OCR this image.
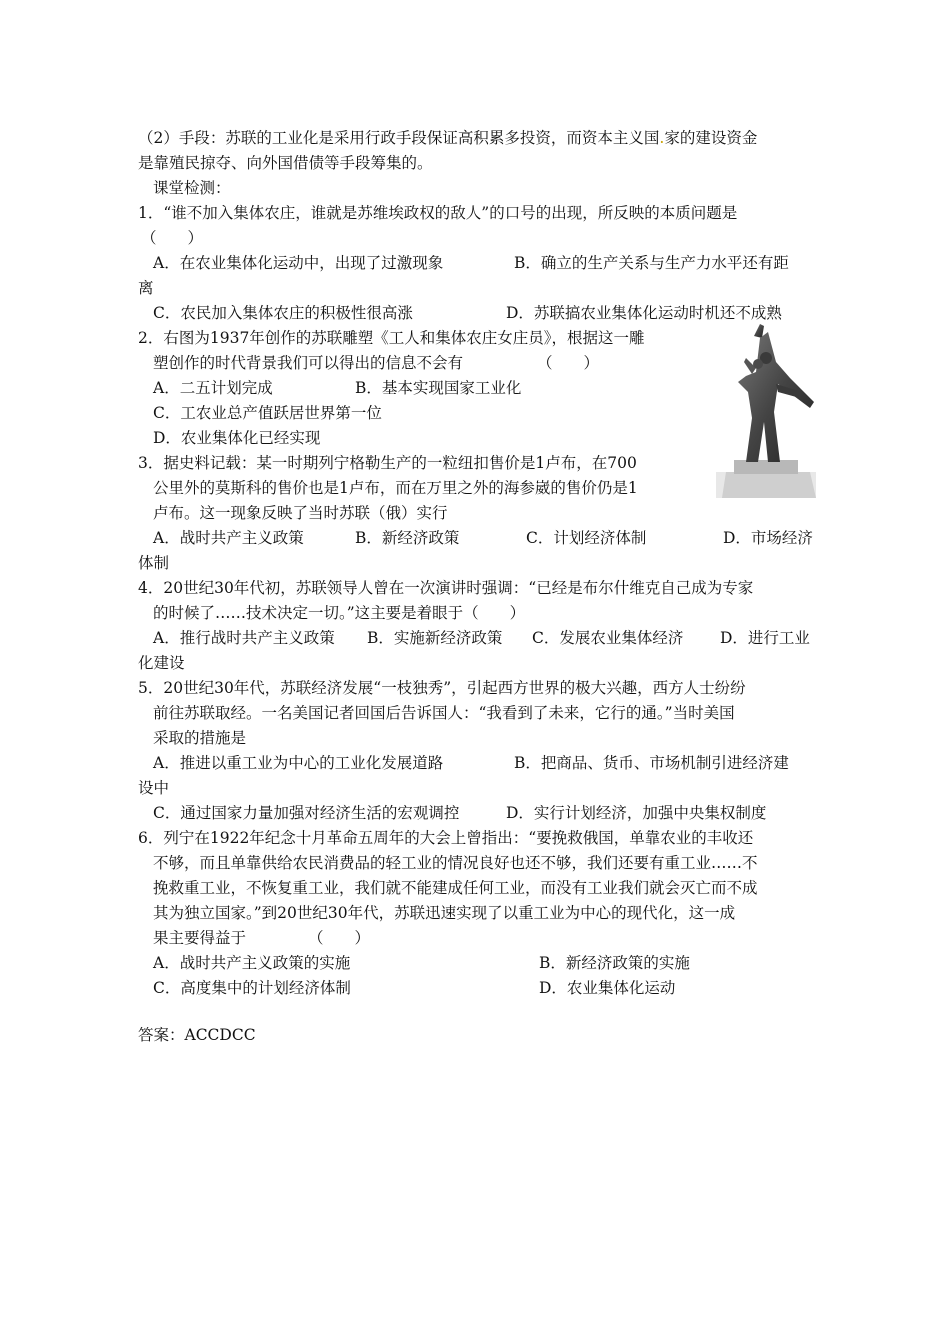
（2）手段：苏联的工业化是采用行政手段保证高积累多投资，而资本主义国.家的建设资金
是靠殖民掠夺、向外国借债等手段筹集的。
课堂检测：
1．“谁不加入集体农庄，谁就是苏维埃政权的敌人”的口号的出现，所反映的本质问题是
（　　）
A．在农业集体化运动中，出现了过激现象	B．确立的生产关系与生产力水平还有距
离
C．农民加入集体农庄的积极性很高涨	D．苏联搞农业集体化运动时机还不成熟
2．右图为1937年创作的苏联雕塑《工人和集体农庄女庄员》，根据这一雕
塑创作的时代背景我们可以得出的信息不会有	（　　）
A．二五计划完成	B．基本实现国家工业化
C．工农业总产值跃居世界第一位
D．农业集体化已经实现
3．据史料记载：某一时期列宁格勒生产的一粒纽扣售价是1卢布，在700
公里外的莫斯科的售价也是1卢布，而在万里之外的海参崴的售价仍是1
卢布。这一现象反映了当时苏联（俄）实行
A．战时共产主义政策	B．新经济政策	C．计划经济体制	D．市场经济
体制
4．20世纪30年代初，苏联领导人曾在一次演讲时强调：“已经是布尔什维克自己成为专家
的时候了……技术决定一切。”这主要是着眼于（　　）
A．推行战时共产主义政策 B．实施新经济政策 C．发展农业集体经济 D．进行工业
化建设
5．20世纪30年代，苏联经济发展“一枝独秀”，引起西方世界的极大兴趣，西方人士纷纷
前往苏联取经。一名美国记者回国后告诉国人：“我看到了未来，它行的通。”当时美国
采取的措施是
A．推进以重工业为中心的工业化发展道路	B．把商品、货币、市场机制引进经济建
设中
C．通过国家力量加强对经济生活的宏观调控	D．实行计划经济，加强中央集权制度
6．列宁在1922年纪念十月革命五周年的大会上曾指出：“要挽救俄国，单靠农业的丰收还
不够，而且单靠供给农民消费品的轻工业的情况良好也还不够，我们还要有重工业……不
挽救重工业，不恢复重工业，我们就不能建成任何工业，而没有工业我们就会灭亡而不成
其为独立国家。”到20世纪30年代，苏联迅速实现了以重工业为中心的现代化，这一成
果主要得益于	（　　）
A．战时共产主义政策的实施	B．新经济政策的实施
C．高度集中的计划经济体制	D．农业集体化运动
答案：ACCDCC
